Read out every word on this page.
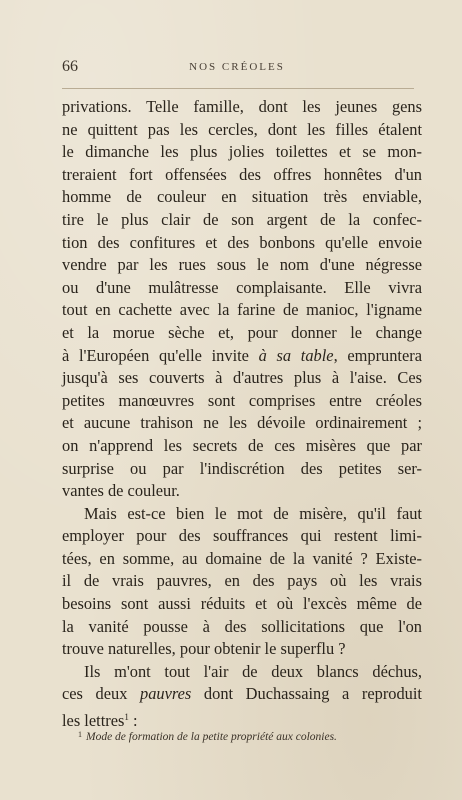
66	NOS CRÉOLES
privations. Telle famille, dont les jeunes gens
ne quittent pas les cercles, dont les filles étalent
le dimanche les plus jolies toilettes et se mon-
treraient fort offensées des offres honnêtes d'un
homme de couleur en situation très enviable,
tire le plus clair de son argent de la confec-
tion des confitures et des bonbons qu'elle envoie
vendre par les rues sous le nom d'une négresse
ou d'une mulâtresse complaisante. Elle vivra
tout en cachette avec la farine de manioc, l'igname
et la morue sèche et, pour donner le change
à l'Européen qu'elle invite à sa table, empruntera
jusqu'à ses couverts à d'autres plus à l'aise. Ces
petites manœuvres sont comprises entre créoles
et aucune trahison ne les dévoile ordinairement ;
on n'apprend les secrets de ces misères que par
surprise ou par l'indiscrétion des petites ser-
vantes de couleur.
Mais est-ce bien le mot de misère, qu'il faut
employer pour des souffrances qui restent limi-
tées, en somme, au domaine de la vanité ? Existe-
il de vrais pauvres, en des pays où les vrais
besoins sont aussi réduits et où l'excès même de
la vanité pousse à des sollicitations que l'on
trouve naturelles, pour obtenir le superflu ?
Ils m'ont tout l'air de deux blancs déchus,
ces deux pauvres dont Duchassaing a reproduit
les lettres$^1$ :
$^1$ Mode de formation de la petite propriété aux colonies.
